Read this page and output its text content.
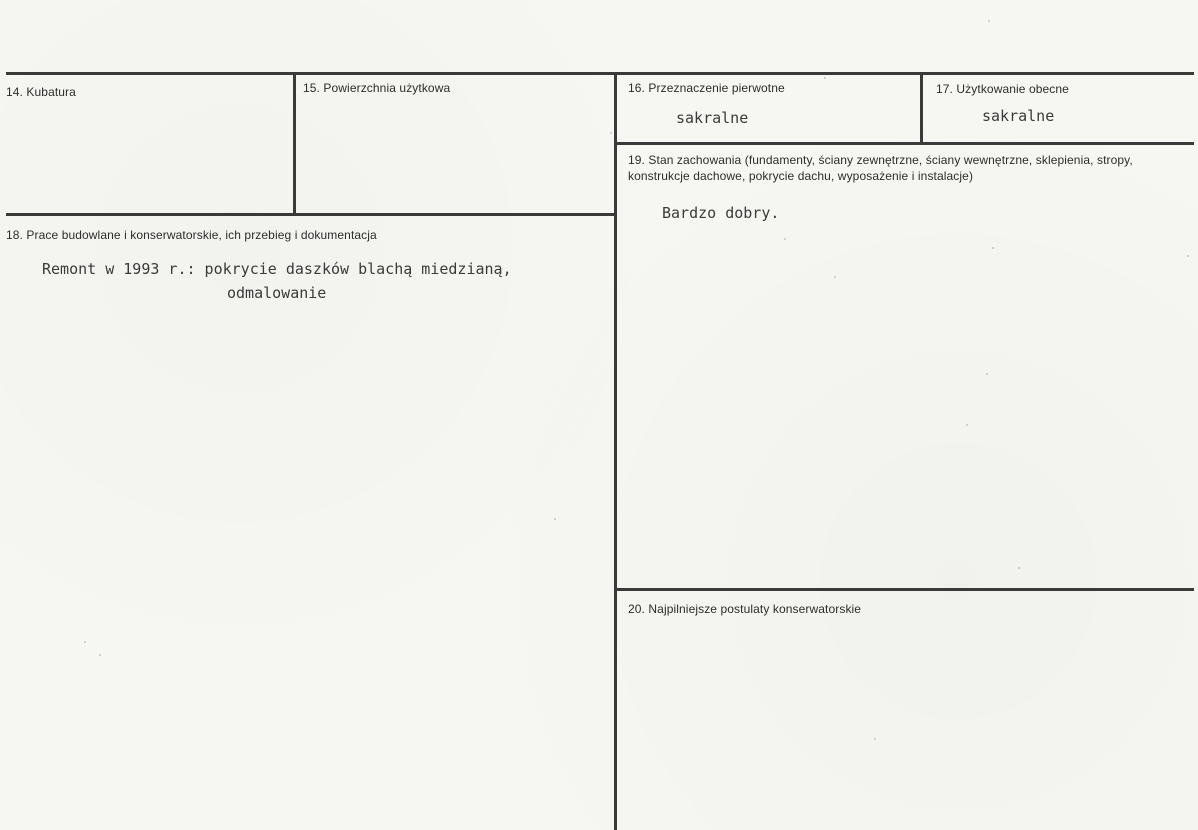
14. Kubatura	15. Powierzchnia użytkowa	16. Przeznaczenie pierwotne
sakralne
17. Użytkowanie obecne
sakralne
18. Prace budowlane i konserwatorskie, ich przebieg i dokumentacja
Remont w 1993 r.: pokrycie daszków blachą miedzianą,
odmalowanie
19. Stan zachowania (fundamenty, ściany zewnętrzne, ściany wewnętrzne, sklepienia, stropy, konstrukcje dachowe, pokrycie dachu, wyposażenie i instalacje)
Bardzo dobry.
20. Najpilniejsze postulaty konserwatorskie
